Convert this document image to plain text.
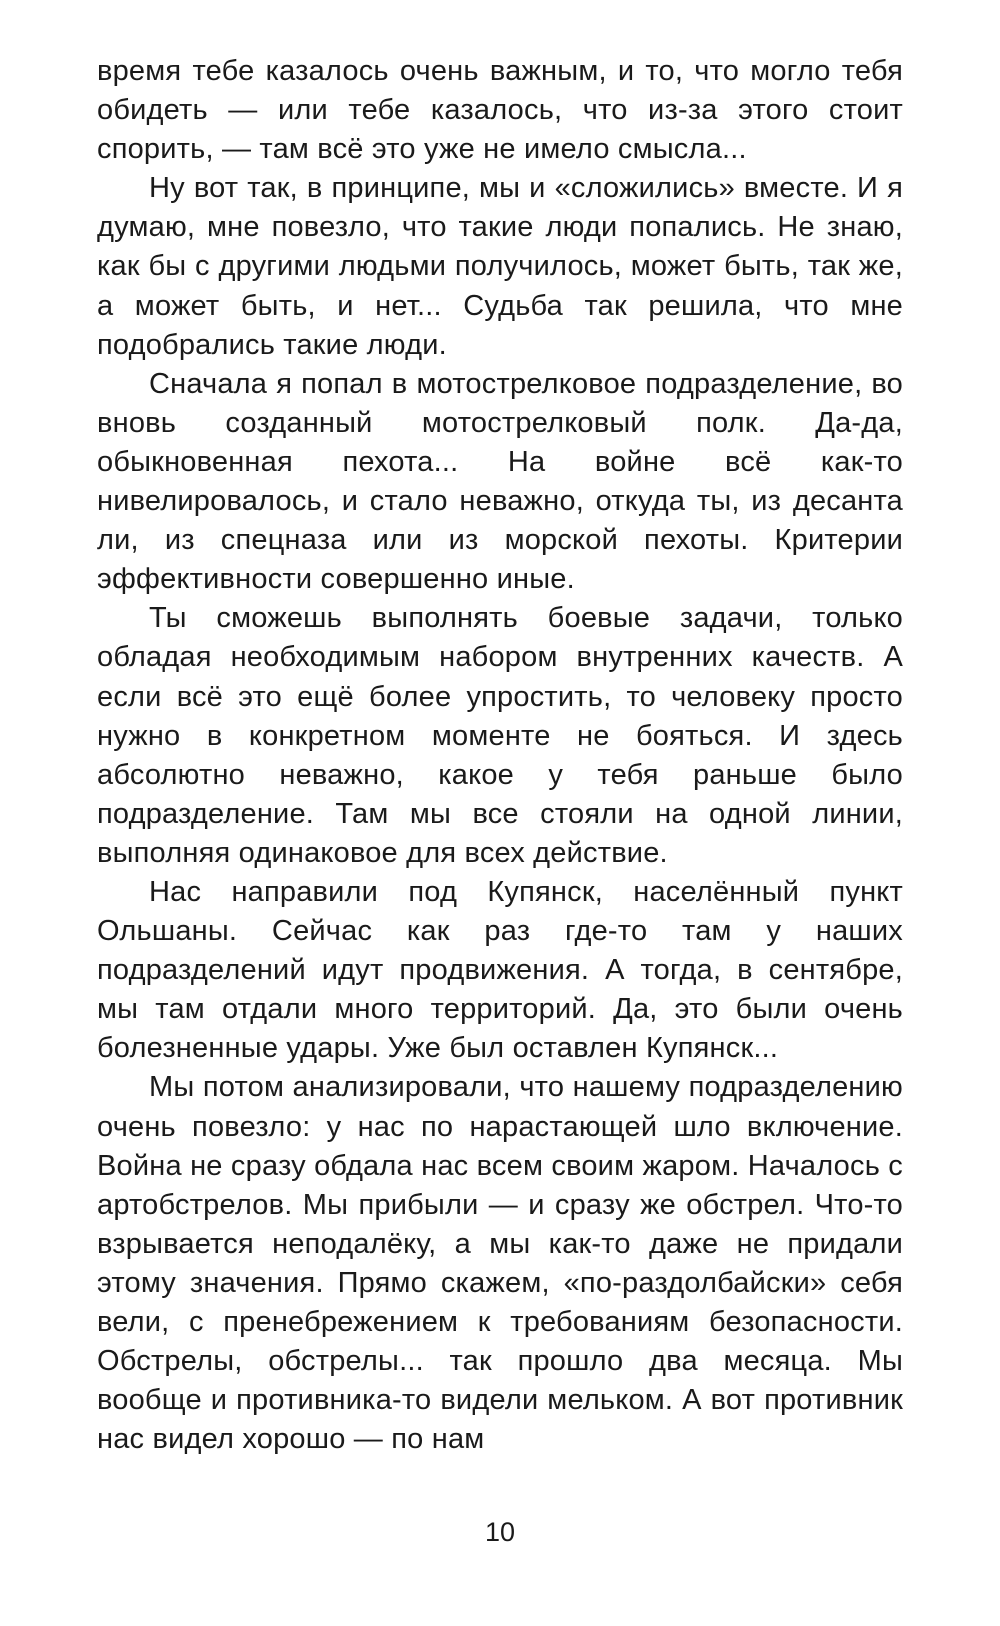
время тебе казалось очень важным, и то, что могло тебя обидеть — или тебе казалось, что из-за этого стоит спорить, — там всё это уже не имело смысла...

Ну вот так, в принципе, мы и «сложились» вместе. И я думаю, мне повезло, что такие люди попались. Не знаю, как бы с другими людьми получилось, может быть, так же, а может быть, и нет... Судьба так решила, что мне подобрались такие люди.

Сначала я попал в мотострелковое подразделение, во вновь созданный мотострелковый полк. Да-да, обыкновенная пехота... На войне всё как-то нивелировалось, и стало неважно, откуда ты, из десанта ли, из спецназа или из морской пехоты. Критерии эффективности совершенно иные.

Ты сможешь выполнять боевые задачи, только обладая необходимым набором внутренних качеств. А если всё это ещё более упростить, то человеку просто нужно в конкретном моменте не бояться. И здесь абсолютно неважно, какое у тебя раньше было подразделение. Там мы все стояли на одной линии, выполняя одинаковое для всех действие.

Нас направили под Купянск, населённый пункт Ольшаны. Сейчас как раз где-то там у наших подразделений идут продвижения. А тогда, в сентябре, мы там отдали много территорий. Да, это были очень болезненные удары. Уже был оставлен Купянск...

Мы потом анализировали, что нашему подразделению очень повезло: у нас по нарастающей шло включение. Война не сразу обдала нас всем своим жаром. Началось с артобстрелов. Мы прибыли — и сразу же обстрел. Что-то взрывается неподалёку, а мы как-то даже не придали этому значения. Прямо скажем, «по-раздолбайски» себя вели, с пренебрежением к требованиям безопасности. Обстрелы, обстрелы... так прошло два месяца. Мы вообще и противника-то видели мельком. А вот противник нас видел хорошо — по нам

10
